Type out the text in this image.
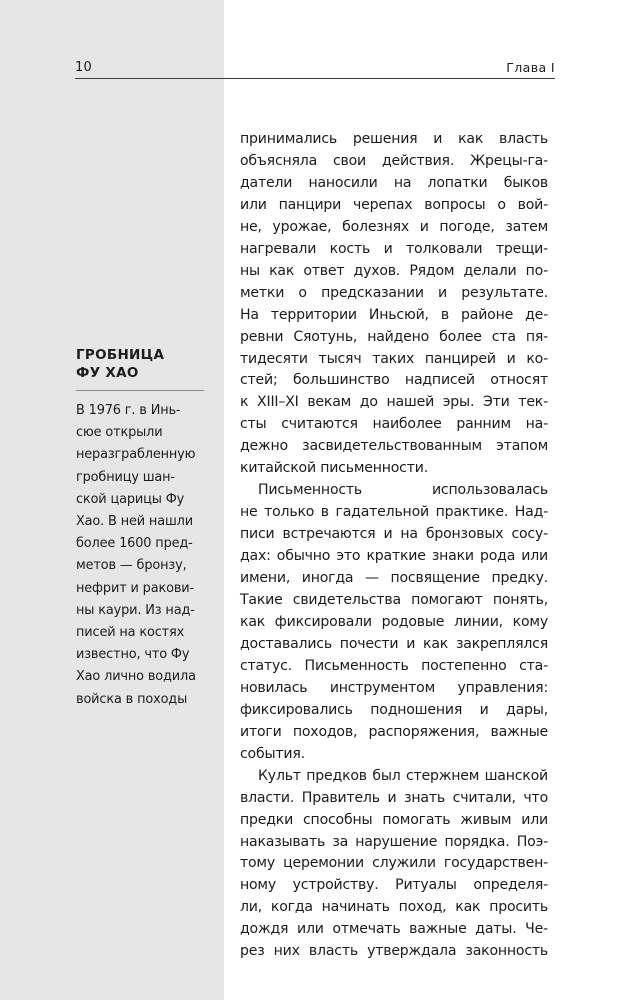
10	Глава I
ГРОБНИЦА
ФУ ХАО
В 1976 г. в Инь-
сюе открыли
неразграбленную
гробницу шан-
ской царицы Фу
Хао. В ней нашли
более 1600 пред-
метов — бронзу,
нефрит и ракови-
ны каури. Из над-
писей на костях
известно, что Фу
Хао лично водила
войска в походы
принимались решения и как власть
объясняла свои действия. Жрецы-га-
датели наносили на лопатки быков
или панцири черепах вопросы о вой-
не, урожае, болезнях и погоде, затем
нагревали кость и толковали трещи-
ны как ответ духов. Рядом делали по-
метки о предсказании и результате.
На территории Иньсюй, в районе де-
ревни Сяотунь, найдено более ста пя-
тидесяти тысяч таких панцирей и ко-
стей; большинство надписей относят
к XIII–XI векам до нашей эры. Эти тек-
сты считаются наиболее ранним на-
дежно засвидетельствованным этапом
китайской письменности.
Письменность использовалась
не только в гадательной практике. Над-
писи встречаются и на бронзовых сосу-
дах: обычно это краткие знаки рода или
имени, иногда — посвящение предку.
Такие свидетельства помогают понять,
как фиксировали родовые линии, кому
доставались почести и как закреплялся
статус. Письменность постепенно ста-
новилась инструментом управления:
фиксировались подношения и дары,
итоги походов, распоряжения, важные
события.
Культ предков был стержнем шанской
власти. Правитель и знать считали, что
предки способны помогать живым или
наказывать за нарушение порядка. Поэ-
тому церемонии служили государствен-
ному устройству. Ритуалы определя-
ли, когда начинать поход, как просить
дождя или отмечать важные даты. Че-
рез них власть утверждала законность
